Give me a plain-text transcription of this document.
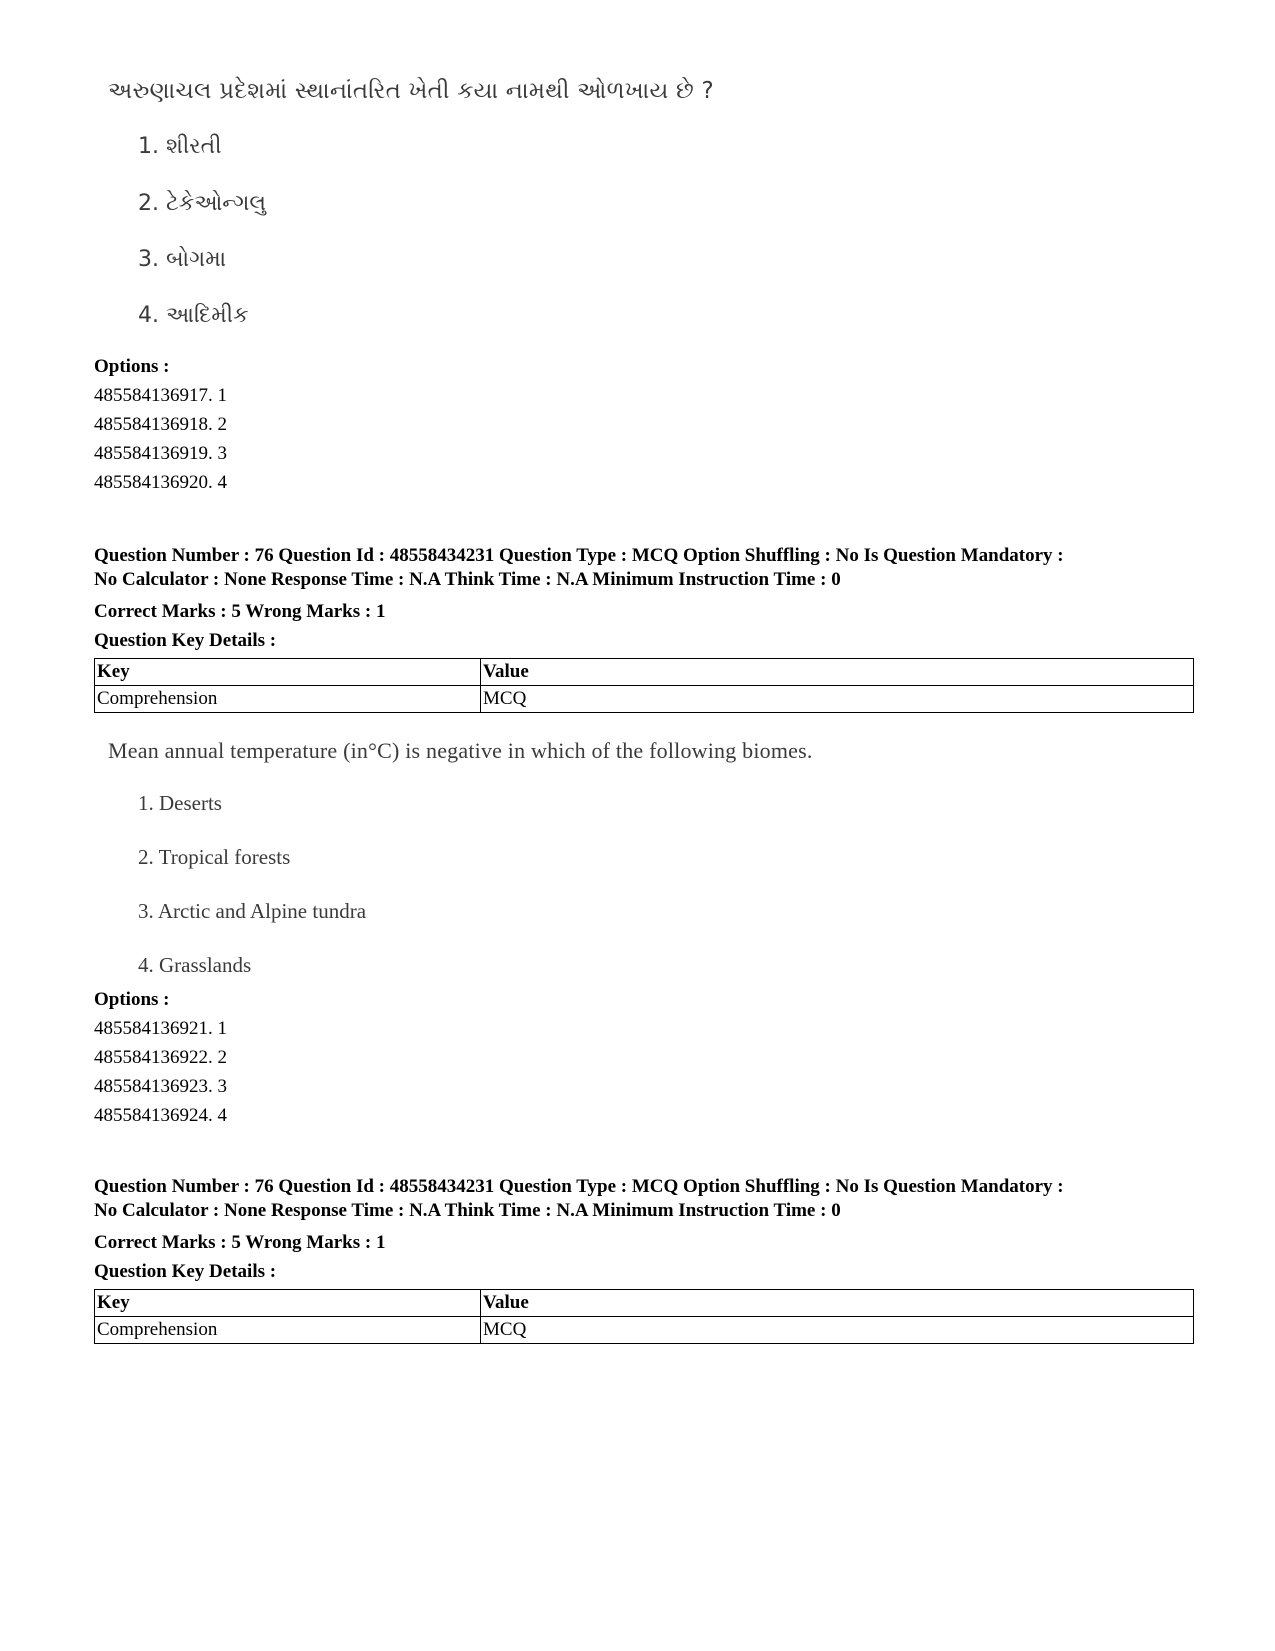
અરુણાચલ પ્રદેશમાં સ્થાનાંતરિત ખેતી કયા નામથી ઓળખાય છે ?
1. શીરતી
2. ટેકેઓન્ગલુ
3. બોગમા
4. આદિમીક
Options :
485584136917. 1
485584136918. 2
485584136919. 3
485584136920. 4
Question Number : 76 Question Id : 48558434231 Question Type : MCQ Option Shuffling : No Is Question Mandatory :
No Calculator : None Response Time : N.A Think Time : N.A Minimum Instruction Time : 0
Correct Marks : 5 Wrong Marks : 1
Question Key Details :
Key	Value
Comprehension	MCQ
Mean annual temperature (in°C) is negative in which of the following biomes.
1. Deserts
2. Tropical forests
3. Arctic and Alpine tundra
4. Grasslands
Options :
485584136921. 1
485584136922. 2
485584136923. 3
485584136924. 4
Question Number : 76 Question Id : 48558434231 Question Type : MCQ Option Shuffling : No Is Question Mandatory :
No Calculator : None Response Time : N.A Think Time : N.A Minimum Instruction Time : 0
Correct Marks : 5 Wrong Marks : 1
Question Key Details :
Key	Value
Comprehension	MCQ
